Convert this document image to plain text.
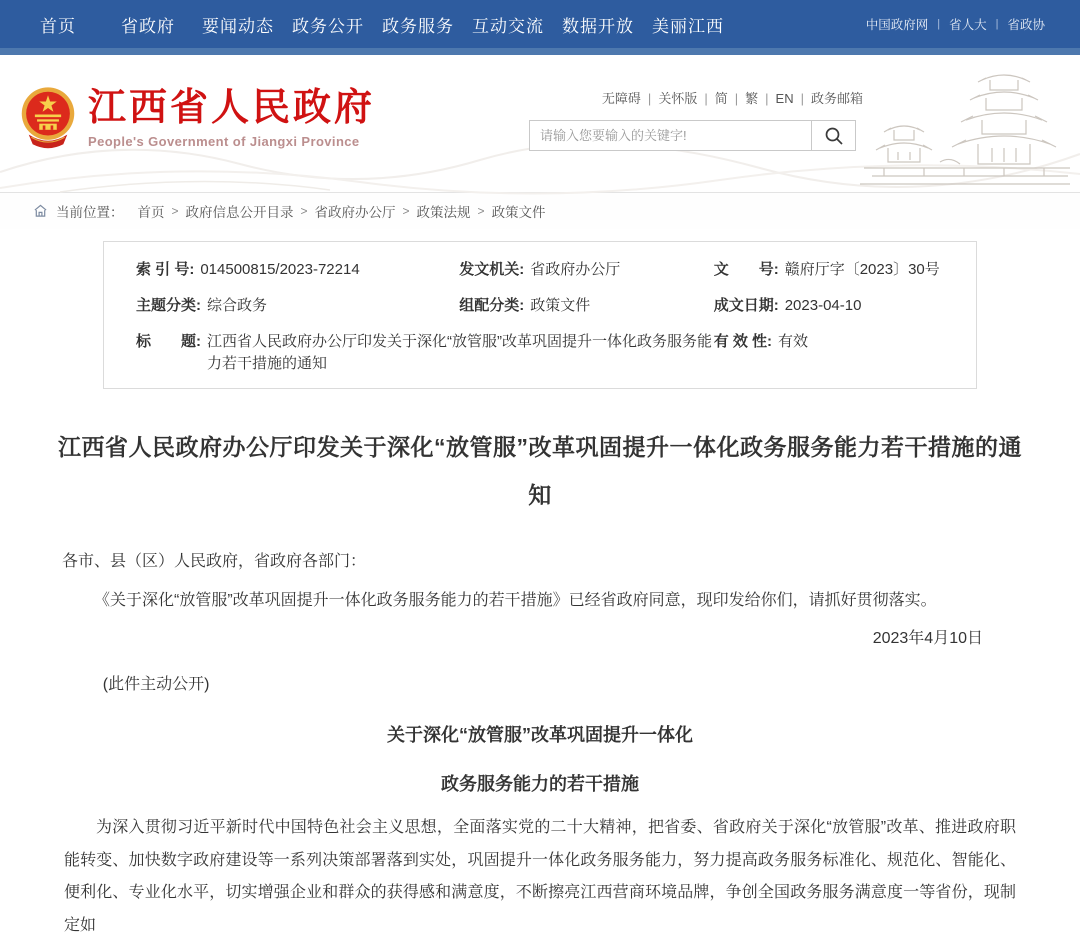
首页	省政府	要闻动态	政务公开	政务服务	互动交流	数据开放	美丽江西	中国政府网 | 省人大 | 省政协
江西省人民政府
People's Government of Jiangxi Province
无障碍 | 关怀版 | 简 | 繁 | EN | 政务邮箱
请输入您要输入的关键字!
当前位置： 首页 > 政府信息公开目录 > 省政府办公厅 > 政策法规 > 政策文件
索 引 号: 014500815/2023-72214	发文机关: 省政府办公厅	文　　号: 赣府厅字〔2023〕30号
主题分类: 综合政务	组配分类: 政策文件	成文日期: 2023-04-10
标　　题: 江西省人民政府办公厅印发关于深化“放管服”改革巩固提升一体化政务服务能力若干措施的通知
有 效 性: 有效
江西省人民政府办公厅印发关于深化“放管服”改革巩固提升一体化政务服务能力若干措施的通知

各市、县（区）人民政府，省政府各部门：

《关于深化“放管服”改革巩固提升一体化政务服务能力的若干措施》已经省政府同意，现印发给你们，请抓好贯彻落实。

2023年4月10日

(此件主动公开)

关于深化“放管服”改革巩固提升一体化
政务服务能力的若干措施

为深入贯彻习近平新时代中国特色社会主义思想，全面落实党的二十大精神，把省委、省政府关于深化“放管服”改革、推进政府职能转变、加快数字政府建设等一系列决策部署落到实处，巩固提升一体化政务服务能力，努力提高政务服务标准化、规范化、智能化、便利化、专业化水平，切实增强企业和群众的获得感和满意度，不断擦亮江西营商环境品牌，争创全国政务服务满意度一等省份，现制定如
